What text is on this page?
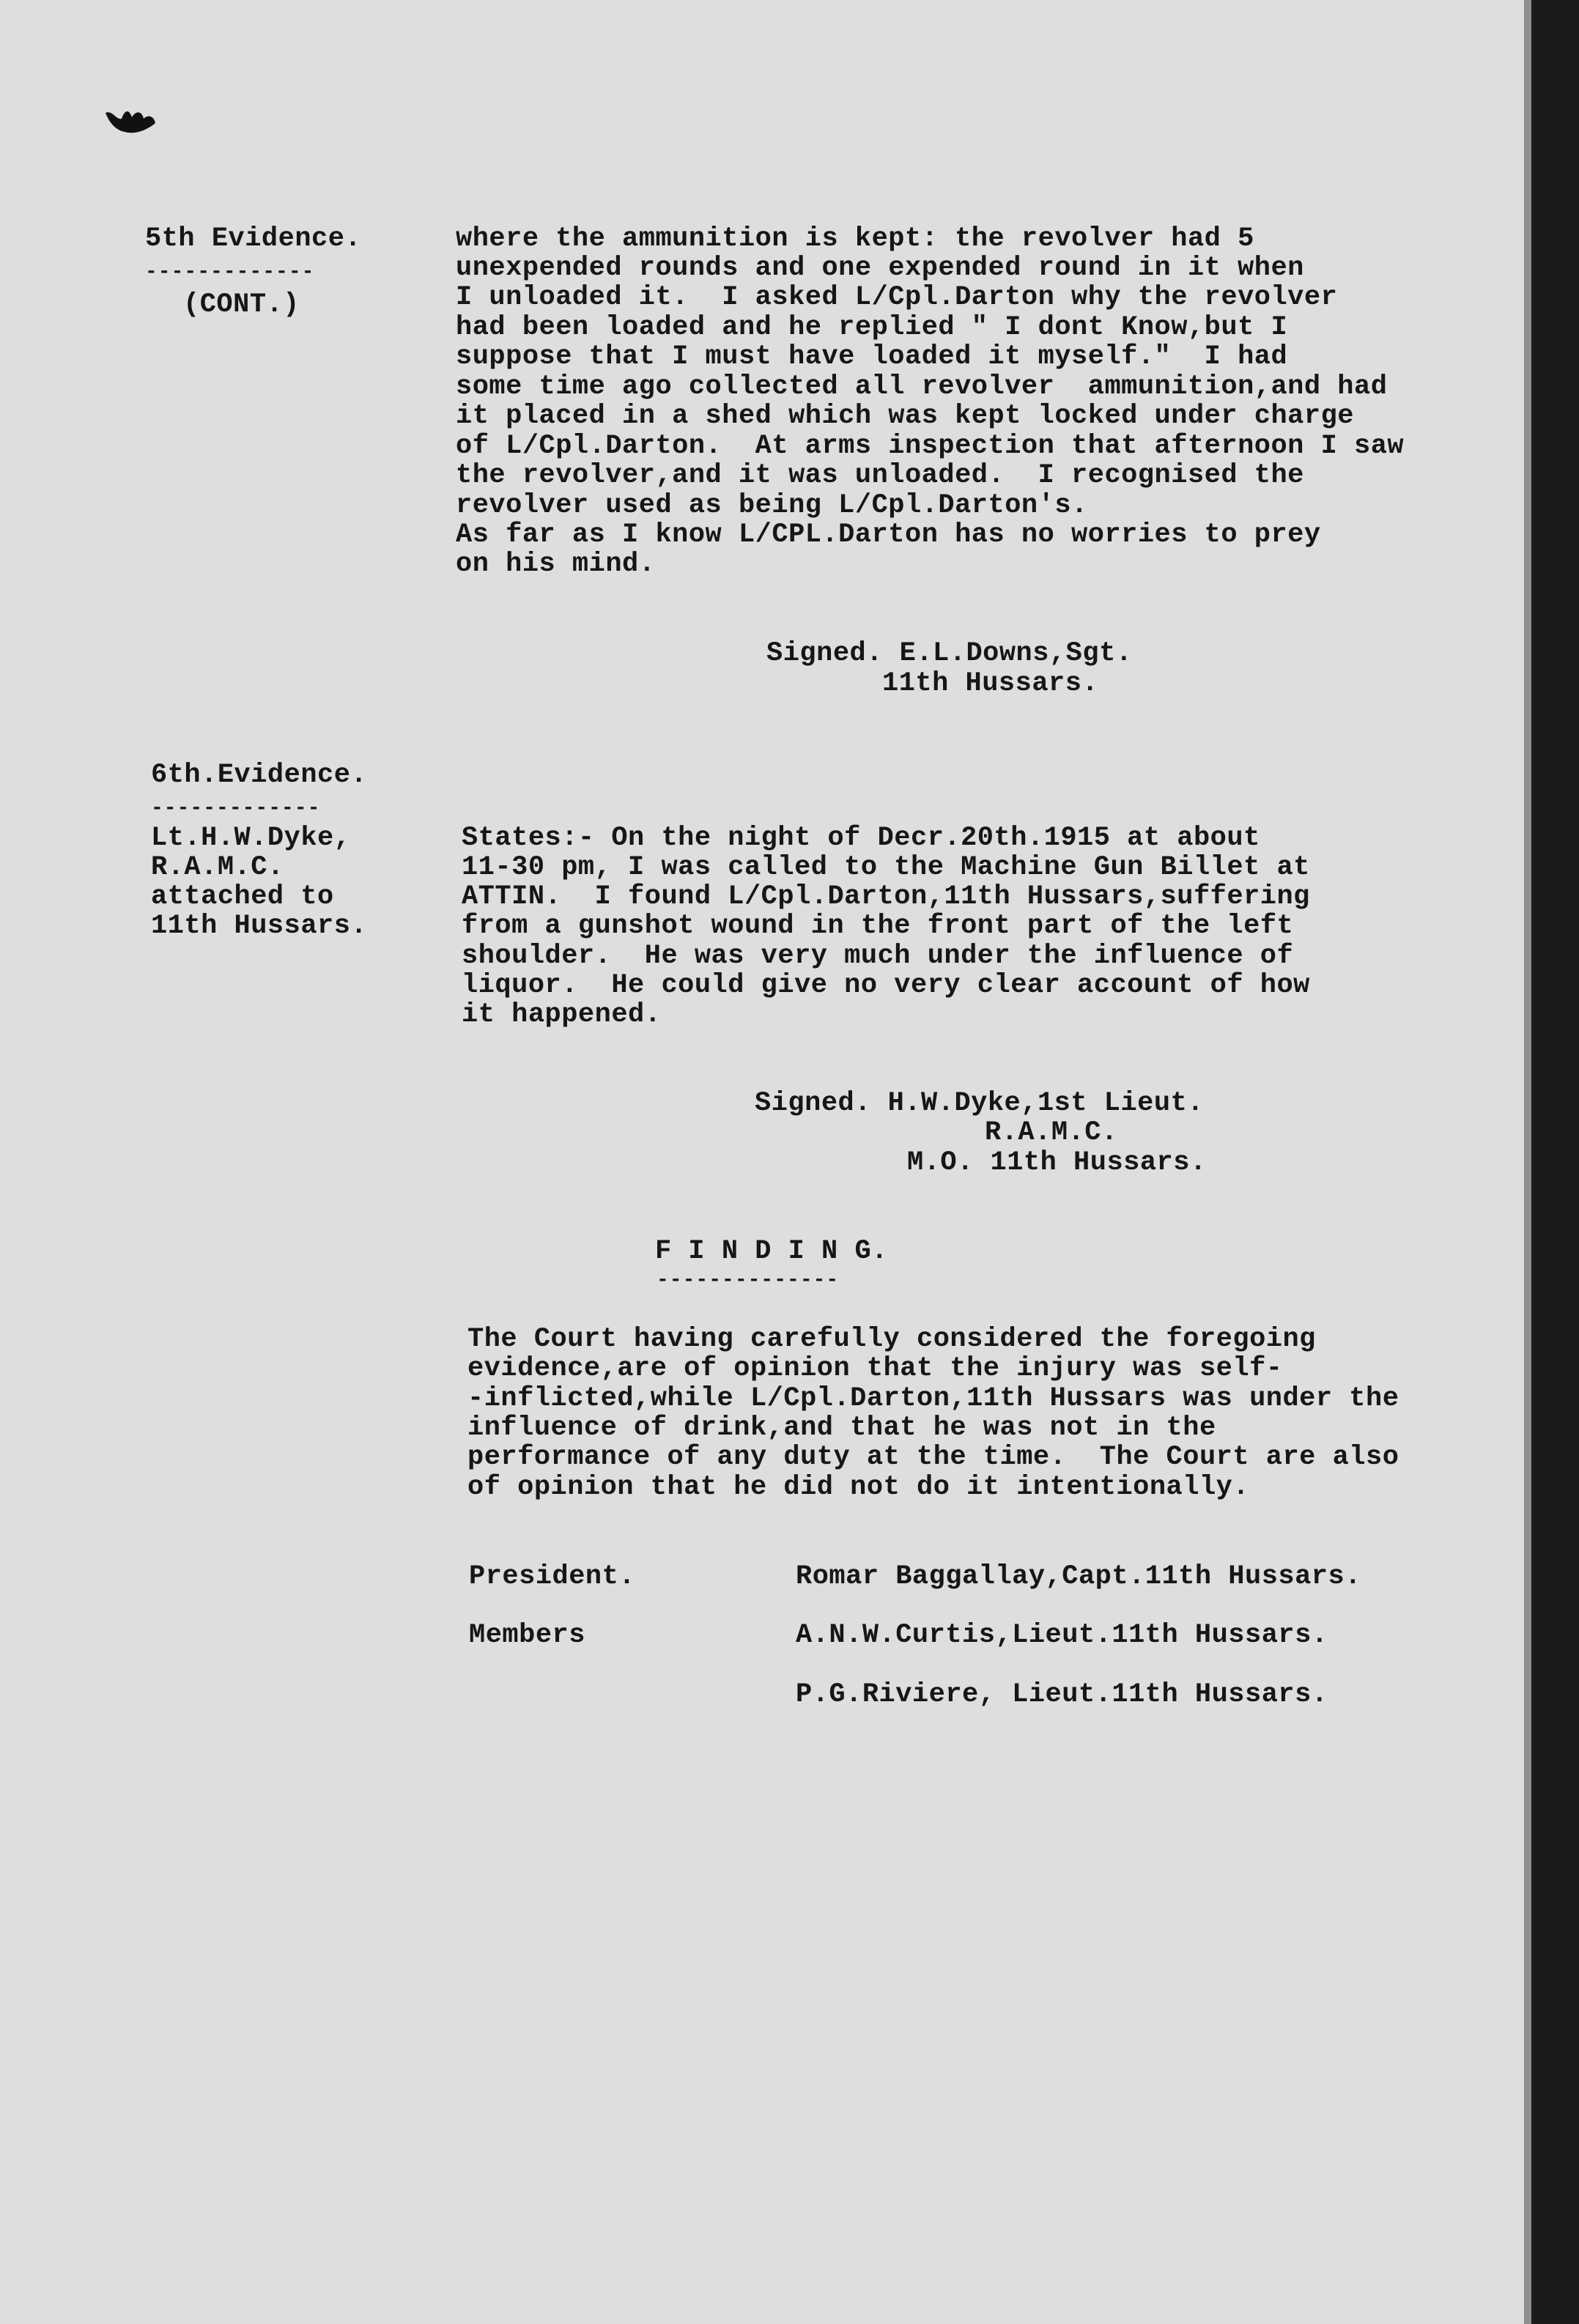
5th Evidence.
-------------
(CONT.)
where the ammunition is kept: the revolver had 5
unexpended rounds and one expended round in it when
I unloaded it.  I asked L/Cpl.Darton why the revolver
had been loaded and he replied " I dont Know,but I
suppose that I must have loaded it myself."  I had
some time ago collected all revolver  ammunition,and had
it placed in a shed which was kept locked under charge
of L/Cpl.Darton.  At arms inspection that afternoon I saw
the revolver,and it was unloaded.  I recognised the
revolver used as being L/Cpl.Darton's.
As far as I know L/CPL.Darton has no worries to prey
on his mind.
Signed. E.L.Downs,Sgt.
11th Hussars.
6th.Evidence.
-------------
Lt.H.W.Dyke,
R.A.M.C.
attached to
11th Hussars.
States:- On the night of Decr.20th.1915 at about
11-30 pm, I was called to the Machine Gun Billet at
ATTIN.  I found L/Cpl.Darton,11th Hussars,suffering
from a gunshot wound in the front part of the left
shoulder.  He was very much under the influence of
liquor.  He could give no very clear account of how
it happened.
Signed. H.W.Dyke,1st Lieut.
R.A.M.C.
M.O. 11th Hussars.
F I N D I N G.
--------------
The Court having carefully considered the foregoing
evidence,are of opinion that the injury was self-
-inflicted,while L/Cpl.Darton,11th Hussars was under the
influence of drink,and that he was not in the
performance of any duty at the time.  The Court are also
of opinion that he did not do it intentionally.
President.	Romar Baggallay,Capt.11th Hussars.
Members	A.N.W.Curtis,Lieut.11th Hussars.
P.G.Riviere, Lieut.11th Hussars.
